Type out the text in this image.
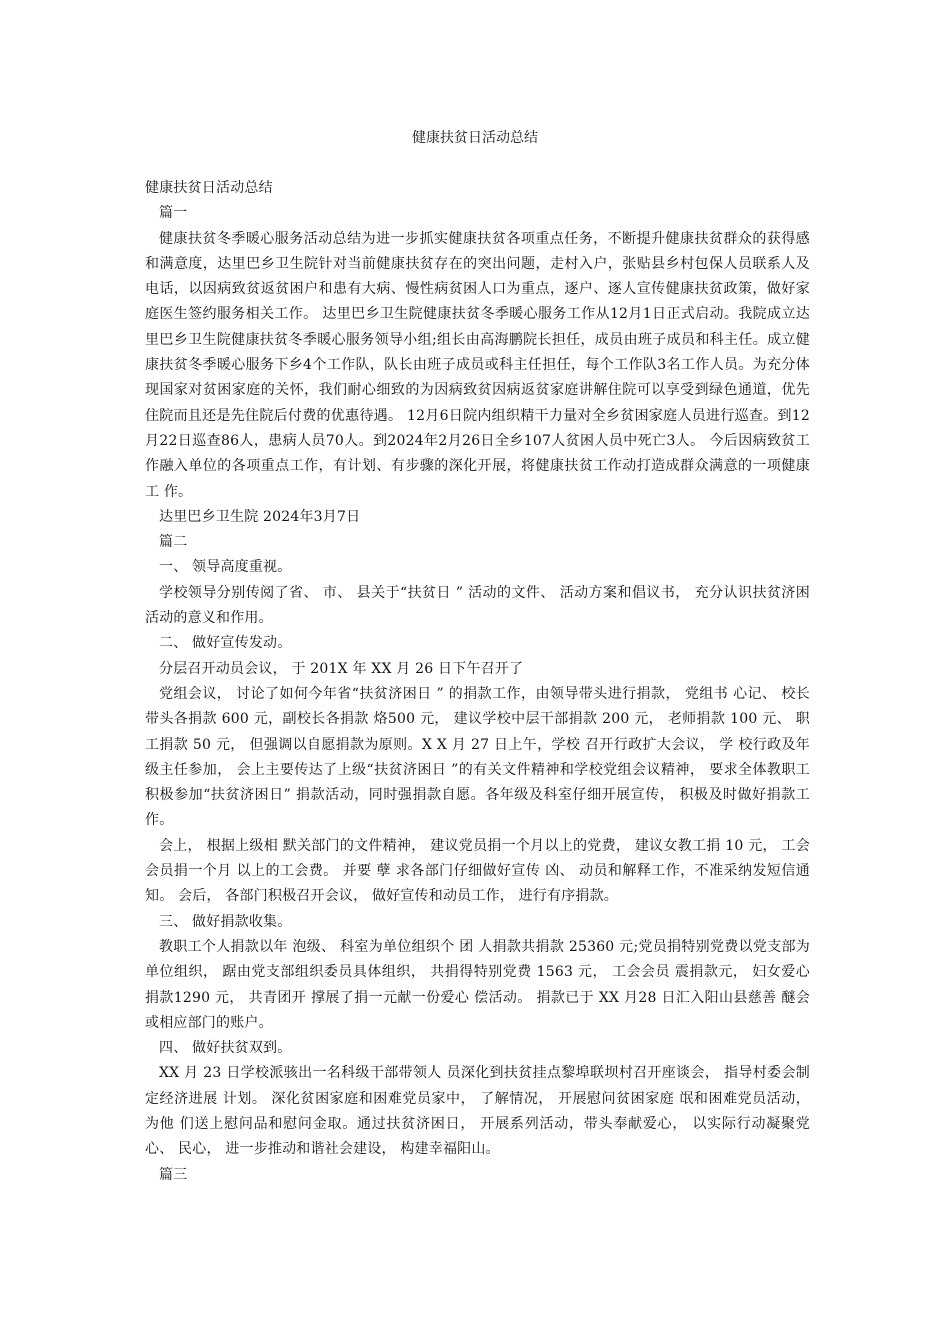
健康扶贫日活动总结

健康扶贫日活动总结

篇一

健康扶贫冬季暖心服务活动总结为进一步抓实健康扶贫各项重点任务，不断提升健康扶贫群众的获得感和满意度，达里巴乡卫生院针对当前健康扶贫存在的突出问题，走村入户，张贴县乡村包保人员联系人及电话，以因病致贫返贫困户和患有大病、慢性病贫困人口为重点，逐户、逐人宣传健康扶贫政策，做好家庭医生签约服务相关工作。 达里巴乡卫生院健康扶贫冬季暖心服务工作从12月1日正式启动。我院成立达里巴乡卫生院健康扶贫冬季暖心服务领导小组;组长由高海鹏院长担任，成员由班子成员和科主任。成立健康扶贫冬季暖心服务下乡4个工作队，队长由班子成员或科主任担任，每个工作队3名工作人员。为充分体现国家对贫困家庭的关怀，我们耐心细致的为因病致贫因病返贫家庭讲解住院可以享受到绿色通道，优先住院而且还是先住院后付费的优惠待遇。 12月6日院内组织精干力量对全乡贫困家庭人员进行巡查。到12月22日巡查86人，患病人员70人。到2024年2月26日全乡107人贫困人员中死亡3人。 今后因病致贫工作融入单位的各项重点工作，有计划、有步骤的深化开展，将健康扶贫工作动打造成群众满意的一项健康工 作。

达里巴乡卫生院 2024年3月7日

篇二

一、 领导高度重视。

学校领导分别传阅了省、 市、 县关于“扶贫日 ” 活动的文件、 活动方案和倡议书， 充分认识扶贫济困活动的意义和作用。

二、 做好宣传发动。

分层召开动员会议， 于 201X 年 XX 月 26 日下午召开了

党组会议， 讨论了如何今年省“扶贫济困日 ” 的捐款工作，由领导带头进行捐款， 党组书 心记、 校长带头各捐款 600 元，副校长各捐款 烙500 元， 建议学校中层干部捐款 200 元， 老师捐款 100 元、 职工捐款 50 元， 但强调以自愿捐款为原则。X X 月 27 日上午，学校 召开行政扩大会议， 学 校行政及年级主任参加， 会上主要传达了上级“扶贫济困日 ”的有关文件精神和学校党组会议精神， 要求全体教职工积极参加“扶贫济困日” 捐款活动，同时强捐款自愿。各年级及科室仔细开展宣传， 积极及时做好捐款工作。

会上， 根据上级相 默关部门的文件精神， 建议党员捐一个月以上的党费， 建议女教工捐 10 元， 工会会员捐一个月 以上的工会费。 并要 孽 求各部门仔细做好宣传 凶、 动员和解释工作，不准采纳发短信通知。 会后， 各部门积极召开会议， 做好宣传和动员工作， 进行有序捐款。

三、 做好捐款收集。

教职工个人捐款以年 泡级、 科室为单位组织个 团 人捐款共捐款 25360 元;党员捐特别党费以党支部为单位组织， 踞由党支部组织委员具体组织， 共捐得特别党费 1563 元， 工会会员 震捐款元， 妇女爱心捐款1290 元， 共青团开 撑展了捐一元献一份爱心 偿活动。 捐款已于 XX 月28 日汇入阳山县慈善 醚会或相应部门的账户。

四、 做好扶贫双到。

XX 月 23 日学校派骇出一名科级干部带领人 员深化到扶贫挂点黎埠联坝村召开座谈会， 指导村委会制定经济进展 计划。 深化贫困家庭和困难党员家中， 了解情况， 开展慰问贫困家庭 氓和困难党员活动， 为他 们送上慰问品和慰问金取。通过扶贫济困日， 开展系列活动，带头奉献爱心， 以实际行动凝聚党心、 民心， 进一步推动和谐社会建设， 构建幸福阳山。

篇三
